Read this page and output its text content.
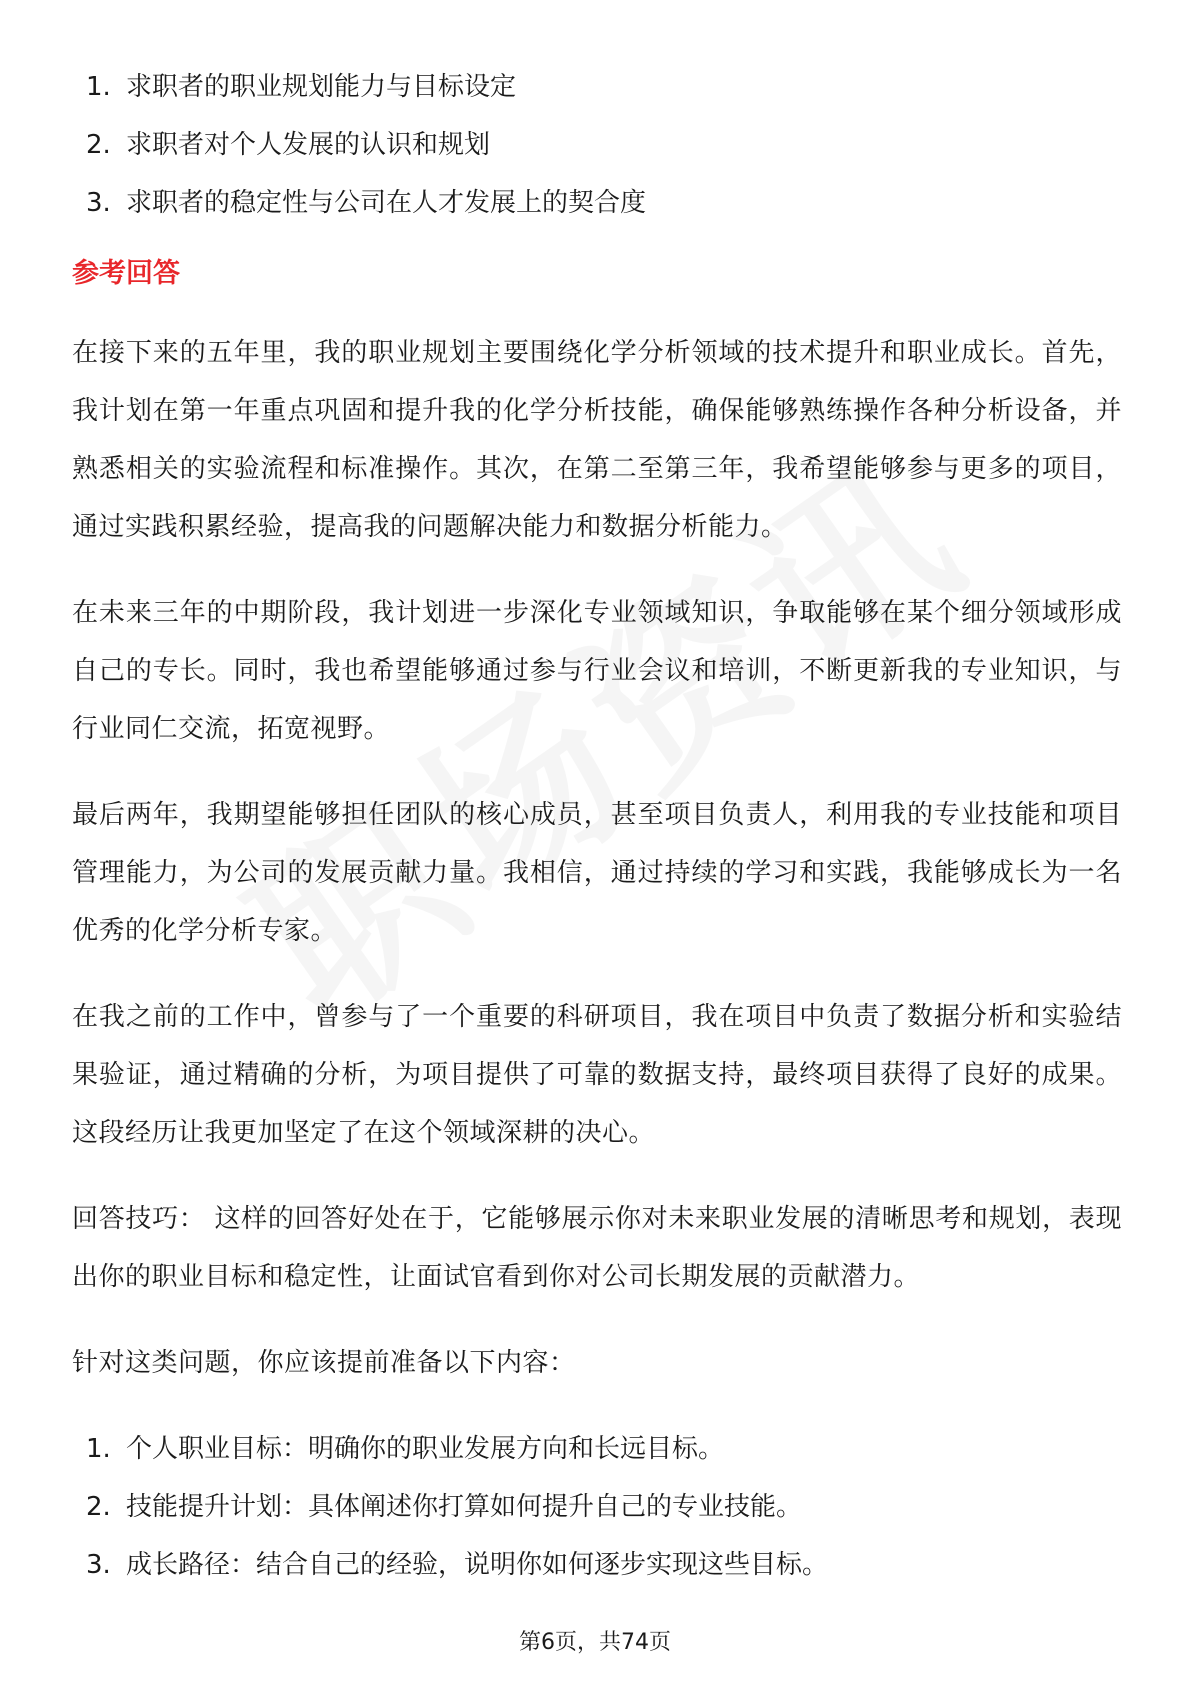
1. 求职者的职业规划能力与目标设定
2. 求职者对个人发展的认识和规划
3. 求职者的稳定性与公司在人才发展上的契合度
参考回答

在接下来的五年里，我的职业规划主要围绕化学分析领域的技术提升和职业成长。首先，我计划在第一年重点巩固和提升我的化学分析技能，确保能够熟练操作各种分析设备，并熟悉相关的实验流程和标准操作。其次，在第二至第三年，我希望能够参与更多的项目，通过实践积累经验，提高我的问题解决能力和数据分析能力。

在未来三年的中期阶段，我计划进一步深化专业领域知识，争取能够在某个细分领域形成自己的专长。同时，我也希望能够通过参与行业会议和培训，不断更新我的专业知识，与行业同仁交流，拓宽视野。

最后两年，我期望能够担任团队的核心成员，甚至项目负责人，利用我的专业技能和项目管理能力，为公司的发展贡献力量。我相信，通过持续的学习和实践，我能够成长为一名优秀的化学分析专家。

在我之前的工作中，曾参与了一个重要的科研项目，我在项目中负责了数据分析和实验结果验证，通过精确的分析，为项目提供了可靠的数据支持，最终项目获得了良好的成果。这段经历让我更加坚定了在这个领域深耕的决心。

回答技巧： 这样的回答好处在于，它能够展示你对未来职业发展的清晰思考和规划，表现出你的职业目标和稳定性，让面试官看到你对公司长期发展的贡献潜力。

针对这类问题，你应该提前准备以下内容：

1. 个人职业目标：明确你的职业发展方向和长远目标。
2. 技能提升计划：具体阐述你打算如何提升自己的专业技能。
3. 成长路径：结合自己的经验，说明你如何逐步实现这些目标。
第6页，共74页
